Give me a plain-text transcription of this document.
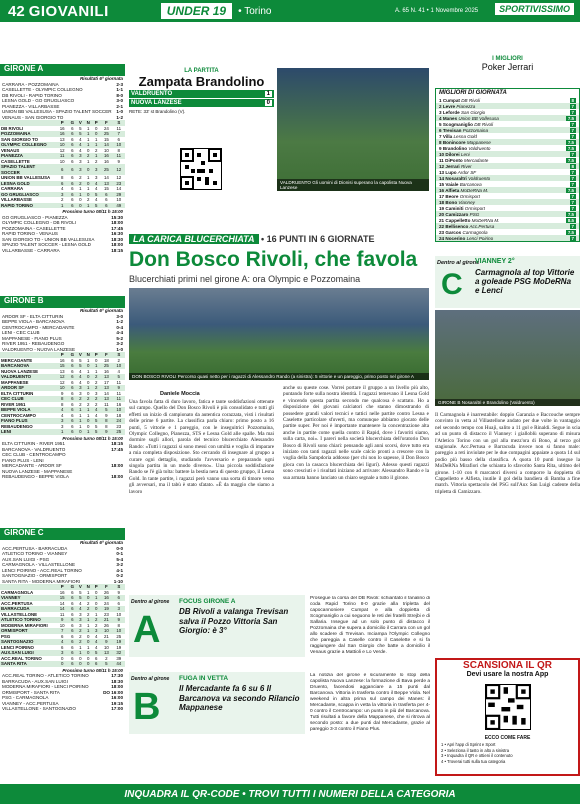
42 GIOVANILI	UNDER 19	• Torino	A. 65 N. 41 • 1 Novembre 2025	SPORTIVISSIMO
GIRONE A
Risultati 6ª giornata
CARRARA - POZZOMAINA	2-3
CASELLETTE - OLYMPIC COLLEGNO	1-1
DB RIVOLI - RAPID TORINO	8-0
LESNA GOLD - GO GRUGLIASCO	3-0
PIANEZZA - VILLARBASSE	2-1
UNION BB VALLESUSA - SPAZIO TALENT SOCCER 1-0
VENAUS - SAN GIORGIO TO	1-2
	P	G	V	N	P	F	S
DB RIVOLI	16	6	5	1	0	24	11
POZZOMAINA	16	6	5	1	0	25	7
SAN GIORGIO TO	13	6	4	1	1	15	6
OLYMPIC COLLEGNO	10	6	4	1	1	14	10
VENAUS	12	6	4	0	2	10	8
PIANEZZA	11	6	3	2	1	16	11
CASELLETTE	10	6	3	1	2	16	9
SPAZIO TALENT SOCCER	6	6	3	0	3	25	12
UNION BB VALLESUSA	8	6	2	1	3	14	12
LESNA GOLD	6	6	2	0	4	13	23
CARRARA	4	6	1	1	4	15	14
GO GRUGLIASCO	3	6	1	0	5	6	29
VILLARBASSE	2	6	0	2	4	6	10
RAPID TORINO	1	6	0	1	5	6	49
Prossimo turno 08/11 h 15:00
GO GRUGLIASCO - PIANEZZA	15:30
OLYMPIC COLLEGNO - DB RIVOLI	18:00
POZZOMAINA - CASELLETTE	17:45
RAPID TORINO - VENAUS	16:30
SAN GIORGIO TO - UNION BB VALLESUSA	18:30
SPAZIO TALENT SOCCER - LESNA GOLD	18:00
VILLARBASSE - CARRARA	18:15
GIRONE B
Risultati 6ª giornata
ARDOR SF - ELTA CITTURIN	3-0
BEPPE VIOLA - BARCANOVA	1-2
CENTROCAMPO - MERCADANTE	0-4
LENI - CEC CLUB	4-4
MAPPANESE - FIANO PLUS	5-2
RIVER 1951 - REBAUDENGO	3-2
VALDRUENTO - NUOVA LANZESE	1-0
	P	G	V	N	P	F	S
MERCADANTE	16	6	5	1	0	18	2
BARCANOVA	15	6	5	0	1	25	10
NUOVA LANZESE	13	6	4	1	1	16	4
VALDRUENTO	12	6	4	0	2	13	5
MAPPANESE	12	6	4	0	2	17	11
ARDOR SF	10	6	3	1	2	13	9
ELTA CITTURIN	9	6	3	0	3	14	11
CEC CLUB	8	6	2	2	2	13	11
RIVER 1951	8	6	2	2	2	11	16
BEPPE VIOLA	4	6	1	1	4	5	10
CENTROCAMPO	4	6	1	1	4	9	18
FIANO PLUS	3	6	1	0	5	8	24
REBAUDENGO	3	6	1	0	5	8	23
LENI	1	6	0	1	5	9	25
Prossimo turno 08/11 h 15:00
ELTA CITTURIN - RIVER 1951	18:15
BARCANOVA - VALDRUENTO	17:45
CEC CLUB - CENTROCAMPO
FIANO PLUS - LENI
MERCADANTE - ARDOR SF	18:00
NUOVA LANZESE - MAPPANESE
REBAUDENGO - BEPPE VIOLA	18:00
GIRONE C
Risultati 6ª giornata
ACC.PERTUSA - BARRACUDA	0-0
ATLETICO TORINO - VIANNEY	0-1
AUX.SAN LUIGI - PSG	5-4
CARMAGNOLA - VILLASTELLONE	3-2
LENCI POIRINO - ACC.REAL TORINO	4-1
SANTOGNAZIO - ORMISPORT	0-2
SANTA RITA - MODERNA MIRAFIORI	1-10
	P	G	V	N	P	F	S
CARMAGNOLA	16	6	5	1	0	26	9
VIANNEY	15	6	5	0	1	16	6
ACC.PERTUSA	14	6	4	2	0	24	6
BARRACUDA	14	6	4	2	0	19	3
VILLASTELLONE	11	6	3	2	1	23	10
ATLETICO TORINO	9	6	3	1	2	21	9
MODERNA MIRAFIORI	10	6	3	1	2	26	8
ORMISPORT	7	6	2	1	3	10	10
PSG	6	6	2	0	4	21	25
SANTOGNAZIO	4	6	2	0	4	9	19
LENCI POIRINO	6	6	1	1	4	10	19
AUX.SAN LUIGI	3	6	1	0	5	13	32
ACC.REAL TORINO	0	6	0	0	6	2	39
SANTA RITA	0	6	0	0	6	5	44
Prossimo turno 08/11 h 15:00
ACC.REAL TORINO - ATLETICO TORINO	17:30
BARRACUDA - AUX.SAN LUIGI	18:30
MODERNA MIRAFIORI - LENCI POIRINO	18:00
ORMISPORT - SANTA RITA	DO 16:00
PSG - CARMAGNOLA	16:00
VIANNEY - ACC.PERTUSA	19:15
VILLASTELLONE - SANTOGNAZIO	17:00
LA PARTITA
Zampata Brandolino
VALDRUENTO	1
NUOVA LANZESE	0
RETE: 33' st Brandolino (V).
VALDRUENTO Gli uomini di Dionisi superano la capolista Nuova Lanzese
LA CARICA BLUCERCHIATA • 16 PUNTI IN 6 GIORNATE
Don Bosco Rivoli, che favola
Blucerchiati primi nel girone A: ora Olympic e Pozzomaina
DON BOSCO RIVOLI Percorso quasi netto per i ragazzi di Alessandro Rando (a sinistra): 5 vittorie e un pareggio, primo posto nel girone A
GIRONE B Nosaraltri e Brandolino (Valdruento)
Daniele Moccia
Una favola fatta di duro lavoro, fatica e tante soddisfazioni ottenute sul campo. Quello del Don Bosco Rivoli è più consolidato e tutti gli effetti un inizio di campionato da autentica corazzata, visti i risultati delle prime 6 partite. La classifica parla chiaro: primo posto a 16 punti, 5 vittorie e 1 pareggio, con le inseguitrici Pozzomaina, Olympic Collegno, Pianezza, STS e Lesna Gold alle spalle. Ma mai dormire sugli allori, parola del tecnico blucerchiato Alessandro Rando: «Tutti i ragazzi si sono messi con umiltà e voglia di imparare a mia completa disposizione. Sto cercando di insegnare al gruppo a curare ogni dettaglio, studiando l'avversario e preparando ogni singola partita in un modo diverso». Una piccola soddisfazione Rando se l'è già tolta: battere la bestia nera di questo gruppo, il Lesna Gold. In tante partite, i ragazzi però vanno una sorta di timore verso gli avversari, ma il tabù è stato sfatato. «È da maggio che siamo a lavoro
anche su queste cose. Vorrei portare il gruppo a un livello più alto, puntando forte sulla nostra identità. I ragazzi temevano il Lesna Gold e vincendo questa partita secondo me qualcosa è scattato. Ho a disposizione dei giovani calciatori che stanno dimostrando di possedere grandi valori tecnici e tattici nelle partite contro Lesna e Caselette particolare sfuverti, ma comunque abbiamo giocato delle partite super. Per noi è importante mantenere la concentrazione alta anche in partite come quella contro il Rapid, dove i favoriti siamo, sulla carta, noi». I pareri nella società blucerchiata dell'oratorio Don Bosco di Rivoli sono chiari: pensando agli anni scorsi, dove tutto era iniziato con tanti ragazzi nelle scale calcio pronti a crescere con la voglia della Sampdoria addosso (per chi non lo sapesse, il Don Bosco gioca con la casacca blucerchiata dei liguri). Adesso questi ragazzi sono cresciuti e i risultati iniziano ad arrivare: Alessandro Rando e la sua armata hanno lanciato un chiaro segnale a tutto il girone.
I MIGLIORI
Poker Jerrari
MIGLIORI DI GIORNATA
1 Cumpat DB Rivoli	8
2 Levre Pianezza	7
3 Leforde San Giorgio	7
4 Manes Union BB Vallesusa	7.5
5 Scogmaniglio DB Rivoli	7
6 Trevisan Pozzomaina	7
7 Villa Lesna Gold	7
8 Bonincore Mappanese	7.5
9 Brandolino Valdruento	7.5
10 Dilorei Leni	7
11 DiPonto Mercadante	7.5
12 Jerrari River	8
13 Lupo Ardor SF	7
14 Nosaraltri Valdruento	7
15 Vaiale Barcanova	7
16 Alfieta MoDeRNa M.	7.5
17 Beore Ormisport	7
18 Bono Vianney	7
19 Caminiti Ormisport	7
20 Camizzaro PSG	7.5
21 Cappelletto MoDeRNa M.	8.5
22 Bellisenco Acc.Pertusa	7
23 Garcos Carmagnola	7.5
24 Nocerino Lenci Poirino	7
Dentro al girone
C
VIANNEY 2°
Carmagnola al top Vittorie a goleade PSG MoDeRNa e Lenci
Il Carmagnola è inarrestabile: doppio Garanzia e Baccouche sempre convinto in vetta al Villastellone andato per due volte in vantaggio nel secondo tempo con Huaji, salito a 11 gol e Rinaldi. Segue in scia ad un punto di distacco il Vianney: i gialloblù superano di misura l'Atletico Torino con un gol alla mezz'ora di Bono, al terzo gol stagionale. Acc.Pertusa e Barracuda invece non si fanno male: pareggio a reti inviolate per le due compagini appaiate a quota 14 sul podio più basso della classifica. A quota 10 punti insegue la MoDeRNa Mirafiori che schianta lo sfavorito Santa Rita, ultimo del girone. 1-10 con 8 marcatori diversi a comporre la doppietta di Cappelletto e Alfieta, inutile il gol della bandiera di Bamba a fine match. Vittoria spettacolo del PSG sull'Aux San Luigi cadente della tripletta di Camizzaro.
Dentro al girone
A
FOCUS GIRONE A
DB Rivoli a valanga Trevisan salva il Pozzo Vittoria San Giorgio: è 3°
Prosegue la corsa del DB Rivoli: schiantato il fanalino di coda Rapid Torino 8-0 grazie alla tripletta del capocannoniere Cumpat e alla doppietta di Scogmaniglio a cui seguono le reti dei fratelli Strejbi e di Sallaria. Insegue ad un solo punto di distacco il Pozzomaina che supera a domicilio il Carrara con un gol allo scadere di Trevisan. Inciampa l'Olympic Collegno che pareggia a Caselle contro il Caselette e si fa raggiungere dal San Giorgio che batte a domicilio il Venaus grazie a Mattioli e Lo Verde.
Dentro al girone
B
FUGA IN VETTA
Il Mercadante fa 6 su 6 Il Barcanova va secondo Rilancio Mappanese
La notizia del girone è sicuramente lo stop della capolista Nuova Lanzese: la formazione di Bava perde a Druento, facendosi agganciare a 15 punti dal Barcanova. Vittoria in trasferta contro il Beppe Viola. Nel weekend in altra prima sul campo dei Manes: il Mercadante, scappa in vetta la vittoria in trasferta per 4-0 contro il Centrocampo: un punto in più del Barcanova. Tutti risultati a favore della Mappanese, che si ritrova al secondo posto: a due punti dal Mercadante, grazie al pareggio 3-3 contro il Fiano Plus.
SCANSIONA IL QR
Devi usare la nostra App
ECCO COME FARE
1 • Apri l'app di Sprint e Sport
2 • Seleziona il tasto in alto a sinistra
3 • Inquadra il QR e ottieni il contenuto
4 • Troverai tutti sulla tua categoria
INQUADRA IL QR-CODE • TROVI TUTTI I NUMERI DELLA CATEGORIA
